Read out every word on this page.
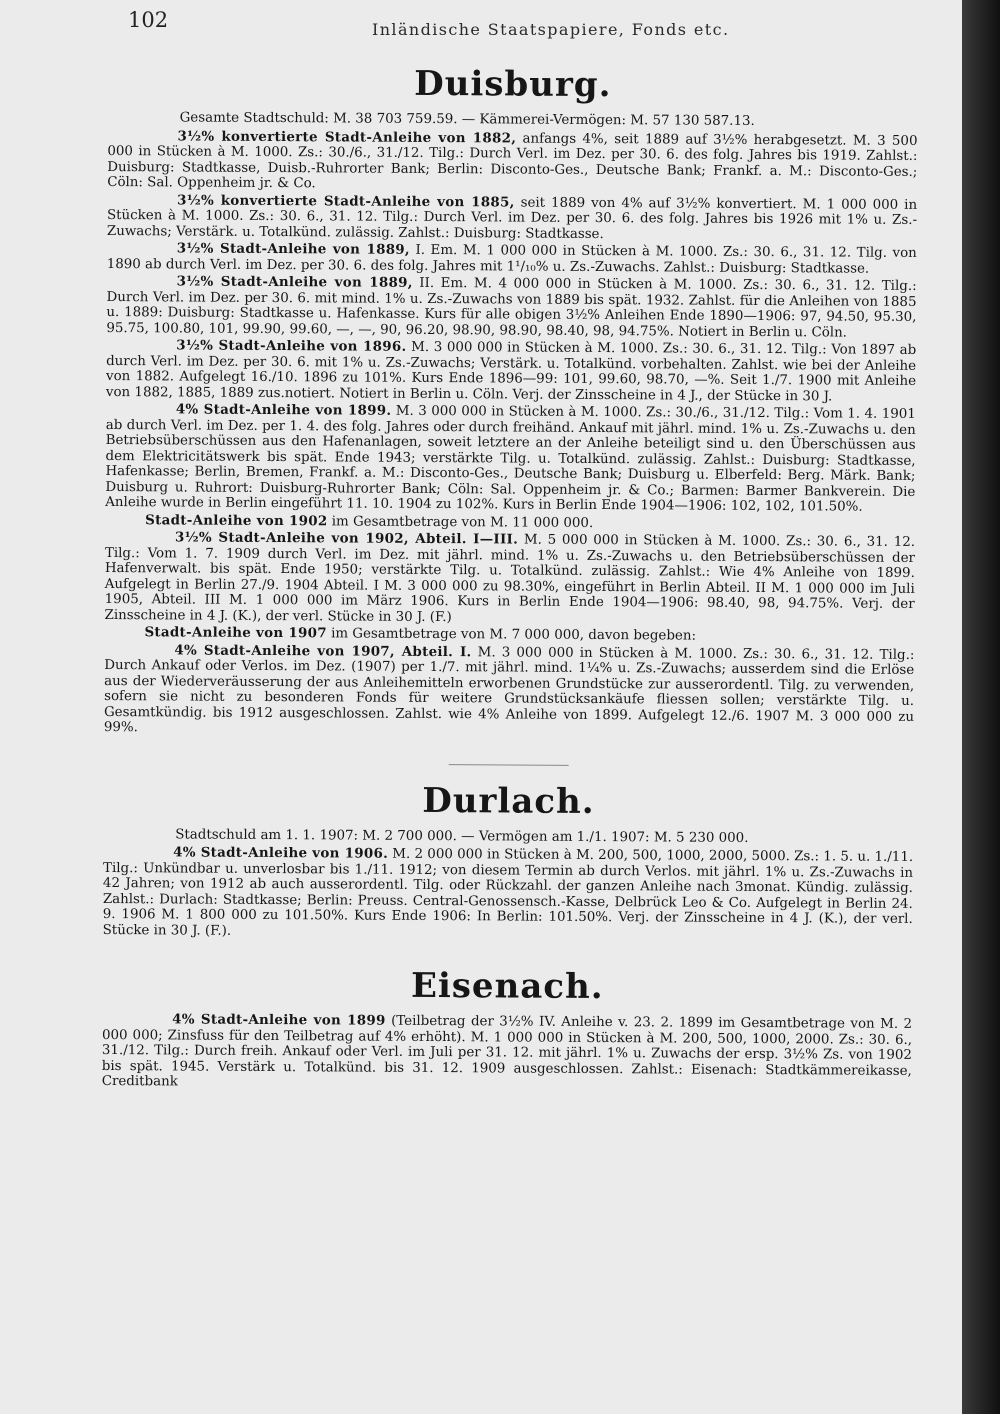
102	Inländische Staatspapiere, Fonds etc.
Duisburg.

Gesamte Stadtschuld: M. 38 703 759.59. — Kämmerei-Vermögen: M. 57 130 587.13.

3½% konvertierte Stadt-Anleihe von 1882, anfangs 4%, seit 1889 auf 3½% herabgesetzt. M. 3 500 000 in Stücken à M. 1000. Zs.: 30./6., 31./12. Tilg.: Durch Verl. im Dez. per 30. 6. des folg. Jahres bis 1919. Zahlst.: Duisburg: Stadtkasse, Duisb.-Ruhrorter Bank; Berlin: Disconto-Ges., Deutsche Bank; Frankf. a. M.: Disconto-Ges.; Cöln: Sal. Oppenheim jr. & Co.

3½% konvertierte Stadt-Anleihe von 1885, seit 1889 von 4% auf 3½% konvertiert. M. 1 000 000 in Stücken à M. 1000. Zs.: 30. 6., 31. 12. Tilg.: Durch Verl. im Dez. per 30. 6. des folg. Jahres bis 1926 mit 1% u. Zs.-Zuwachs; Verstärk. u. Totalkünd. zulässig. Zahlst.: Duisburg: Stadtkasse.

3½% Stadt-Anleihe von 1889, I. Em. M. 1 000 000 in Stücken à M. 1000. Zs.: 30. 6., 31. 12. Tilg. von 1890 ab durch Verl. im Dez. per 30. 6. des folg. Jahres mit 1¹/₁₀% u. Zs.-Zuwachs. Zahlst.: Duisburg: Stadtkasse.

3½% Stadt-Anleihe von 1889, II. Em. M. 4 000 000 in Stücken à M. 1000. Zs.: 30. 6., 31. 12. Tilg.: Durch Verl. im Dez. per 30. 6. mit mind. 1% u. Zs.-Zuwachs von 1889 bis spät. 1932. Zahlst. für die Anleihen von 1885 u. 1889: Duisburg: Stadtkasse u. Hafenkasse. Kurs für alle obigen 3½% Anleihen Ende 1890—1906: 97, 94.50, 95.30, 95.75, 100.80, 101, 99.90, 99.60, —, —, 90, 96.20, 98.90, 98.90, 98.40, 98, 94.75%. Notiert in Berlin u. Cöln.

3½% Stadt-Anleihe von 1896. M. 3 000 000 in Stücken à M. 1000. Zs.: 30. 6., 31. 12. Tilg.: Von 1897 ab durch Verl. im Dez. per 30. 6. mit 1% u. Zs.-Zuwachs; Verstärk. u. Totalkünd. vorbehalten. Zahlst. wie bei der Anleihe von 1882. Aufgelegt 16./10. 1896 zu 101%. Kurs Ende 1896—99: 101, 99.60, 98.70, —%. Seit 1./7. 1900 mit Anleihe von 1882, 1885, 1889 zus.notiert. Notiert in Berlin u. Cöln. Verj. der Zinsscheine in 4 J., der Stücke in 30 J.

4% Stadt-Anleihe von 1899. M. 3 000 000 in Stücken à M. 1000. Zs.: 30./6., 31./12. Tilg.: Vom 1. 4. 1901 ab durch Verl. im Dez. per 1. 4. des folg. Jahres oder durch freihänd. Ankauf mit jährl. mind. 1% u. Zs.-Zuwachs u. den Betriebsüberschüssen aus den Hafenanlagen, soweit letztere an der Anleihe beteiligt sind u. den Überschüssen aus dem Elektricitätswerk bis spät. Ende 1943; verstärkte Tilg. u. Totalkünd. zulässig. Zahlst.: Duisburg: Stadtkasse, Hafenkasse; Berlin, Bremen, Frankf. a. M.: Disconto-Ges., Deutsche Bank; Duisburg u. Elberfeld: Berg. Märk. Bank; Duisburg u. Ruhrort: Duisburg-Ruhrorter Bank; Cöln: Sal. Oppenheim jr. & Co.; Barmen: Barmer Bankverein. Die Anleihe wurde in Berlin eingeführt 11. 10. 1904 zu 102%. Kurs in Berlin Ende 1904—1906: 102, 102, 101.50%.

Stadt-Anleihe von 1902 im Gesamtbetrage von M. 11 000 000.

3½% Stadt-Anleihe von 1902, Abteil. I—III. M. 5 000 000 in Stücken à M. 1000. Zs.: 30. 6., 31. 12. Tilg.: Vom 1. 7. 1909 durch Verl. im Dez. mit jährl. mind. 1% u. Zs.-Zuwachs u. den Betriebsüberschüssen der Hafenverwalt. bis spät. Ende 1950; verstärkte Tilg. u. Totalkünd. zulässig. Zahlst.: Wie 4% Anleihe von 1899. Aufgelegt in Berlin 27./9. 1904 Abteil. I M. 3 000 000 zu 98.30%, eingeführt in Berlin Abteil. II M. 1 000 000 im Juli 1905, Abteil. III M. 1 000 000 im März 1906. Kurs in Berlin Ende 1904—1906: 98.40, 98, 94.75%. Verj. der Zinsscheine in 4 J. (K.), der verl. Stücke in 30 J. (F.)

Stadt-Anleihe von 1907 im Gesamtbetrage von M. 7 000 000, davon begeben:

4% Stadt-Anleihe von 1907, Abteil. I. M. 3 000 000 in Stücken à M. 1000. Zs.: 30. 6., 31. 12. Tilg.: Durch Ankauf oder Verlos. im Dez. (1907) per 1./7. mit jährl. mind. 1¼% u. Zs.-Zuwachs; ausserdem sind die Erlöse aus der Wiederveräusserung der aus Anleihemitteln erworbenen Grundstücke zur ausserordentl. Tilg. zu verwenden, sofern sie nicht zu besonderen Fonds für weitere Grundstücksankäufe fliessen sollen; verstärkte Tilg. u. Gesamtkündig. bis 1912 ausgeschlossen. Zahlst. wie 4% Anleihe von 1899. Aufgelegt 12./6. 1907 M. 3 000 000 zu 99%.

Durlach.

Stadtschuld am 1. 1. 1907: M. 2 700 000. — Vermögen am 1./1. 1907: M. 5 230 000.

4% Stadt-Anleihe von 1906. M. 2 000 000 in Stücken à M. 200, 500, 1000, 2000, 5000. Zs.: 1. 5. u. 1./11. Tilg.: Unkündbar u. unverlosbar bis 1./11. 1912; von diesem Termin ab durch Verlos. mit jährl. 1% u. Zs.-Zuwachs in 42 Jahren; von 1912 ab auch ausserordentl. Tilg. oder Rückzahl. der ganzen Anleihe nach 3monat. Kündig. zulässig. Zahlst.: Durlach: Stadtkasse; Berlin: Preuss. Central-Genossensch.-Kasse, Delbrück Leo & Co. Aufgelegt in Berlin 24. 9. 1906 M. 1 800 000 zu 101.50%. Kurs Ende 1906: In Berlin: 101.50%. Verj. der Zinsscheine in 4 J. (K.), der verl. Stücke in 30 J. (F.).

Eisenach.

4% Stadt-Anleihe von 1899 (Teilbetrag der 3½% IV. Anleihe v. 23. 2. 1899 im Gesamtbetrage von M. 2 000 000; Zinsfuss für den Teilbetrag auf 4% erhöht). M. 1 000 000 in Stücken à M. 200, 500, 1000, 2000. Zs.: 30. 6., 31./12. Tilg.: Durch freih. Ankauf oder Verl. im Juli per 31. 12. mit jährl. 1% u. Zuwachs der ersp. 3½% Zs. von 1902 bis spät. 1945. Verstärk u. Totalkünd. bis 31. 12. 1909 ausgeschlossen. Zahlst.: Eisenach: Stadtkämmereikasse, Creditbank
